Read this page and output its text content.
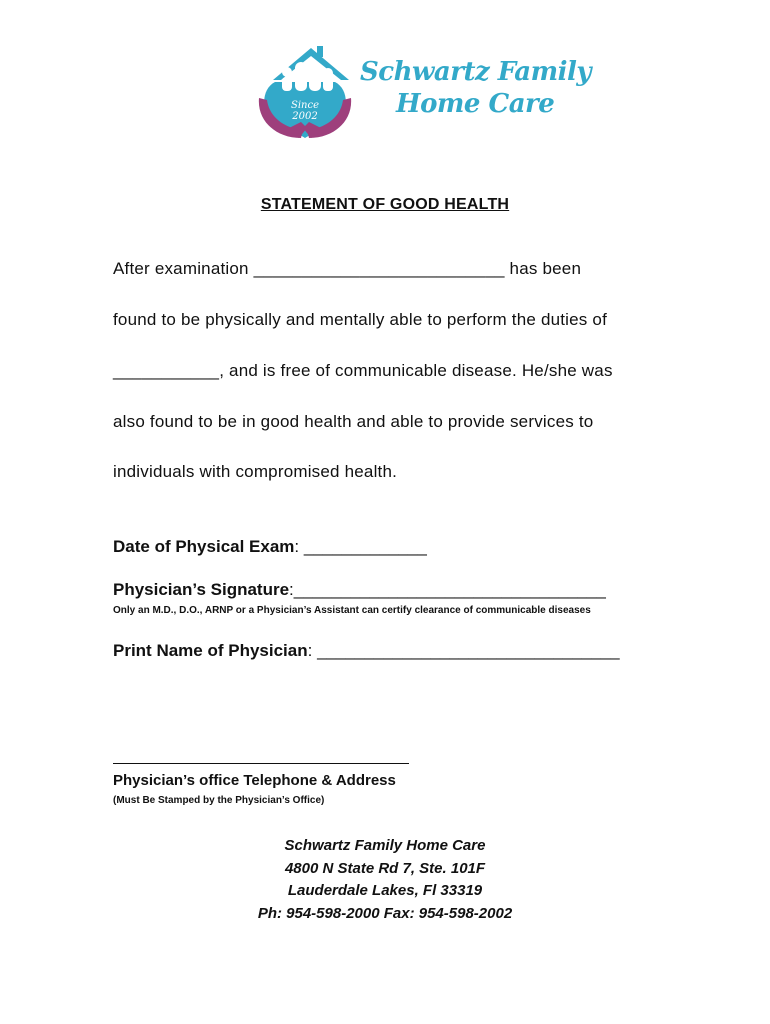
Since 2002
Schwartz Family
Home Care
STATEMENT OF GOOD HEALTH
After examination __________________________ has been
found to be physically and mentally able to perform the duties of
___________, and is free of communicable disease. He/she was
also found to be in good health and able to provide services to
individuals with compromised health.
Date of Physical Exam: _____________
Physician’s Signature:_________________________________
Only an M.D., D.O., ARNP or a Physician’s Assistant can certify clearance of communicable diseases
Print Name of Physician: ________________________________
Physician’s office Telephone & Address
(Must Be Stamped by the Physician’s Office)
Schwartz Family Home Care
4800 N State Rd 7, Ste. 101F
Lauderdale Lakes, Fl 33319
Ph: 954-598-2000 Fax: 954-598-2002
